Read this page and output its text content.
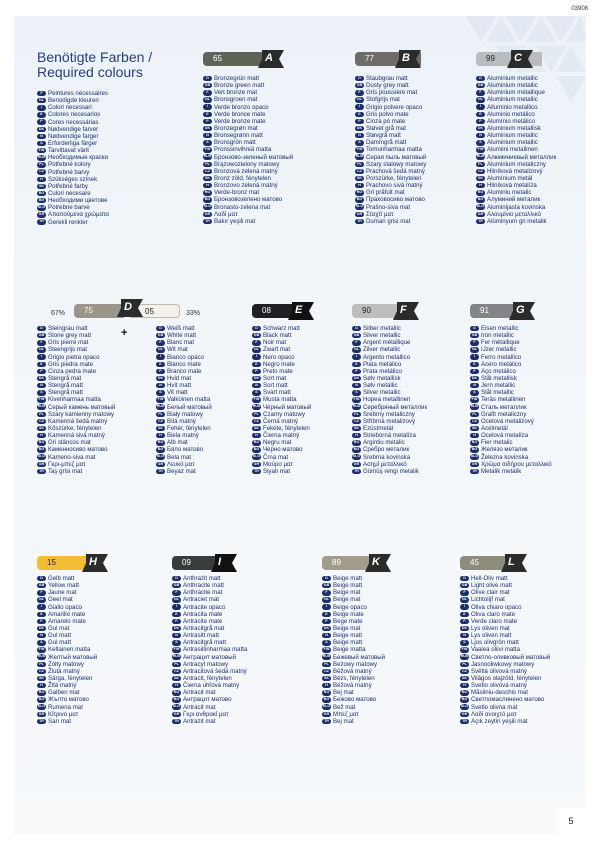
03908
Benötigte Farben /
Required colours
F Peintures nécessaires
NL Benodigde kleuren
I Colori necessari
E Colores necesarios
P Cores necessárias
DK Nødvendige farver
N Nødvendige farger
S Erforderliga färger
FIN Tarvittavat värit
RUS Необходимые краски
PL Potřebné kolory
CZ Potřebné barvy
H Szükséges színek
SK Potřebné farby
RO Culori necesare
BG Необходими цветове
SLO Potrebne barve
GR Απαιτούμενα χρώματα
TR Gerekli renkler
65	A	77	B	99	C
75	05
D	08	E	90	F	91	G
15	H	09	I	89	K	45	L
D Bronzegrün matt
GB Bronze green matt
F Vert bronze mat
NL Bronsgroen mat
I Verde bronzo opaco
E Verde bronce mate
P Verde bronze mate
DK Bronzegrøn mat
N Bronsegrønn matt
S Bronsgrön matt
FIN Pronssinvihreä matta
RUS Бронзово-зеленый матовый
PL Brązowozielony matowy
CZ Bronzová zelená matný
SK Bronz zöld, fénytelen
H Bronzovo zelená matný
RO Verde-bronz mat
BG Бронзовозелено матово
SLO Bronasto-zelena mat
GR Λαδί ματ
TR Bakır yeşili mat
D Staubgrau matt
GB Dusty grey matt
F Gris poussière mat
NL Stofgrijs mat
I Grigio polvere opaco
E Gris polvo mate
P Cinza pó mate
DK Støvet grå mat
N Støvgrå matt
S Dammgrå matt
FIN Tomunharmaa matta
RUS Серая пыль матовый
PL Szary stalowy matowy
CZ Prachová šedá matný
SK Porszürke, fénytelen
H Prachovo sivá matný
RO Gri prăfuit mat
BG Праховосиво матово
SLO Prašno-siva mat
GR Σταχτί ματ
TR Duman grisi mat
D Aluminium metallic
GB Aluminium metallic
F Aluminium métallique
NL Aluminium metallic
I Alluminio metallico
E Aluminio metálico
P Alumínio metálico
DK Aluminium metallisk
N Aluminium metallic
S Aluminium metallic
FIN Alumiini metallinen
RUS Алюминиевый металлик
PL Aluminium metaliczny
CZ Hliníková metalizový
SK Alumínium metál
H Hliníková metalíza
RO Aluminiu metalic
BG Алуминий металик
SLO Aluminijasta kovinska
GR Αλουμίνιο μεταλλικό
TR Alüminyum gri metalik
D Steingrau matt
GB Stone grey matt
F Gris pierre mat
NL Steengrijs mat
I Grigio pietra opaco
E Gris piedra mate
P Cinza pedra mate
DK Stengrå mat
N Stengrå matt
S Stengrå matt
FIN Kivenharmaa matta
RUS Серый камень матовый
PL Szary kamienny matowy
CZ Kamenná šedá matný
SK Kőszürke, fénytelen
H Kamenná sivá matný
RO Gri stâncos mat
BG Каменносиво матово
SLO Kameno-siva mat
GR Γκρι-μπεζ ματ
TR Taş grisi mat
D Weiß matt
GB White matt
F Blanc mat
NL Wit mat
I Bianco opaco
E Blanco mate
P Branco mate
DK Hvid mat
N Hvit matt
S Vit matt
FIN Valkoinen matta
RUS Белый матовый
PL Biały matowy
CZ Bílá matný
SK Fehér, fénytelen
H Biela matný
RO Alb mat
BG Бяло матово
SLO Bela mat
GR Λευκό ματ
TR Beyaz mat
D Schwarz matt
GB Black matt
F Noir mat
NL Zwart mat
I Nero opaco
E Negro mate
P Preto mate
DK Sort mat
N Sort matt
S Svart matt
FIN Musta matta
RUS Чёрный матовый
PL Czarny matowy
CZ Černá matný
SK Fekete, fénytelen
H Čierna matný
RO Negru mat
BG Черно матово
SLO Črna mat
GR Μαύρο ματ
TR Siyah mat
D Silber metallic
GB Silver metallic
F Argent métallique
NL Zilver metallic
I Argento metallico
E Plata metálico
P Prata metálico
DK Sølv metallisk
N Sølv metallic
S Silver metallic
FIN Hopea metallinen
RUS Серебряный металлик
PL Srebrny metaliczny
CZ Stříbrná metalizový
SK Ezüstmetál
H Strieborná metalíza
RO Argintiu metalic
BG Сребро металик
SLO Srebrna kovinska
GR Ασημί μεταλλικό
TR Gümüş rengi metalik
D Eisen metallic
GB Iron metallic
F Fer métallique
NL IJzer metallic
I Ferro metallico
E Acero metálico
P Aço metálico
DK Stål metallisk
N Jern metallic
S Stål metallic
FIN Teräs metallinen
RUS Сталь металлик
PL Grafit metaliczny
CZ Ocelová metalizový
SK Acélmetál
H Ocelová metalíza
RO Fier metalic
BG Желязо металик
SLO Železna kovinska
GR Χρώμα σιδήρου μεταλλικό
TR Metalik metalik
D Gelb matt
GB Yellow matt
F Jaune mat
NL Geel mat
I Giallo opaco
E Amarillo mate
P Amarelo mate
DK Gul mat
N Gul matt
S Gul matt
FIN Keltainen matta
RUS Желтый матовый
PL Żółty matowy
CZ Žlutá matný
SK Sárga, fénytelen
H Žltá matný
RO Galben mat
BG Жълто матово
SLO Rumena mat
GR Κίτρινο ματ
TR Sarı mat
D Anthrazit matt
GB Anthracite matt
F Anthracite mat
NL Antraciet mat
I Antracite opaco
E Antracita mate
P Antracite mate
DK Antracitgrå mat
N Antrasitt matt
S Antracitgrå matt
FIN Antrasiitinharmaa matta
RUS Антрацит матовый
PL Antracyt matowy
CZ Antracitová šedá matný
SK Antracit, fénytelen
H Čierna uhľová matný
RO Antracit mat
BG Антрацит матово
SLO Antracit mat
GR Γκρι ανθρακί ματ
TR Antrazit mat
D Beige matt
GB Beige matt
F Beige mat
NL Beige mat
I Beige opaco
E Beige mate
P Bege mate
DK Beige mat
N Beige matt
S Beige matt
FIN Beige matta
RUS Бежевый матовый
PL Beżowy matowy
CZ Béžová matný
SK Bézs, fénytelen
H Béžová matný
RO Bej mat
BG Бежово матово
SLO Bež mat
GR Μπεζ ματ
TR Bej mat
D Hell-Oliv matt
GB Light olive matt
F Olive clair mat
NL Lichtolijf mat
I Oliva chiaro opaco
E Oliva claro mate
P Verde claro mate
DK Lys oliven mat
N Lys oliven matt
S Ljus olivgrön matt
FIN Vaalea oliivi matta
RUS Светло-оливковый матовый
PL Jasnooliwkowy matowy
CZ Světlá olivová matný
SK Világos olajzöld, fénytelen
H Svetlo olivová matný
RO Măsliniu-deschis mat
BG Светломаслинено матово
SLO Svetlo olivna mat
GR Λαδί ανοιχτό ματ
TR Açık zeytin yeşili mat
67%	33%
+
5
